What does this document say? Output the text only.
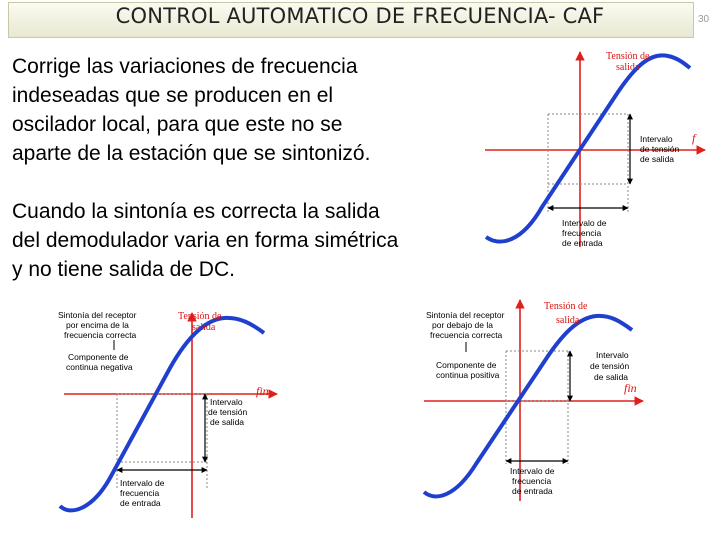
CONTROL AUTOMATICO DE FRECUENCIA- CAF	30
Corrige las variaciones de frecuencia
indeseadas que se producen en el
oscilador local, para que este no se
aparte de la estación que se sintonizó.
Cuando la sintonía es correcta la salida
del demodulador varia en forma simétrica
y no tiene salida de DC.
Tensión de
salida
f
Intervalo
de tensión
de salida
Intervalo de
frecuencia
de entrada
Sintonía del receptor
por encima de la
frecuencia correcta
Componente de
continua negativa
Tensión de
salida
fin
Intervalo
de tensión
de salida
Intervalo de
frecuencia
de entrada
Sintonía del receptor
por debajo de la
frecuencia correcta
Componente de
continua positiva
Tensión de
salida
fin
Intervalo
de tensión
de salida
Intervalo de
frecuencia
de entrada
